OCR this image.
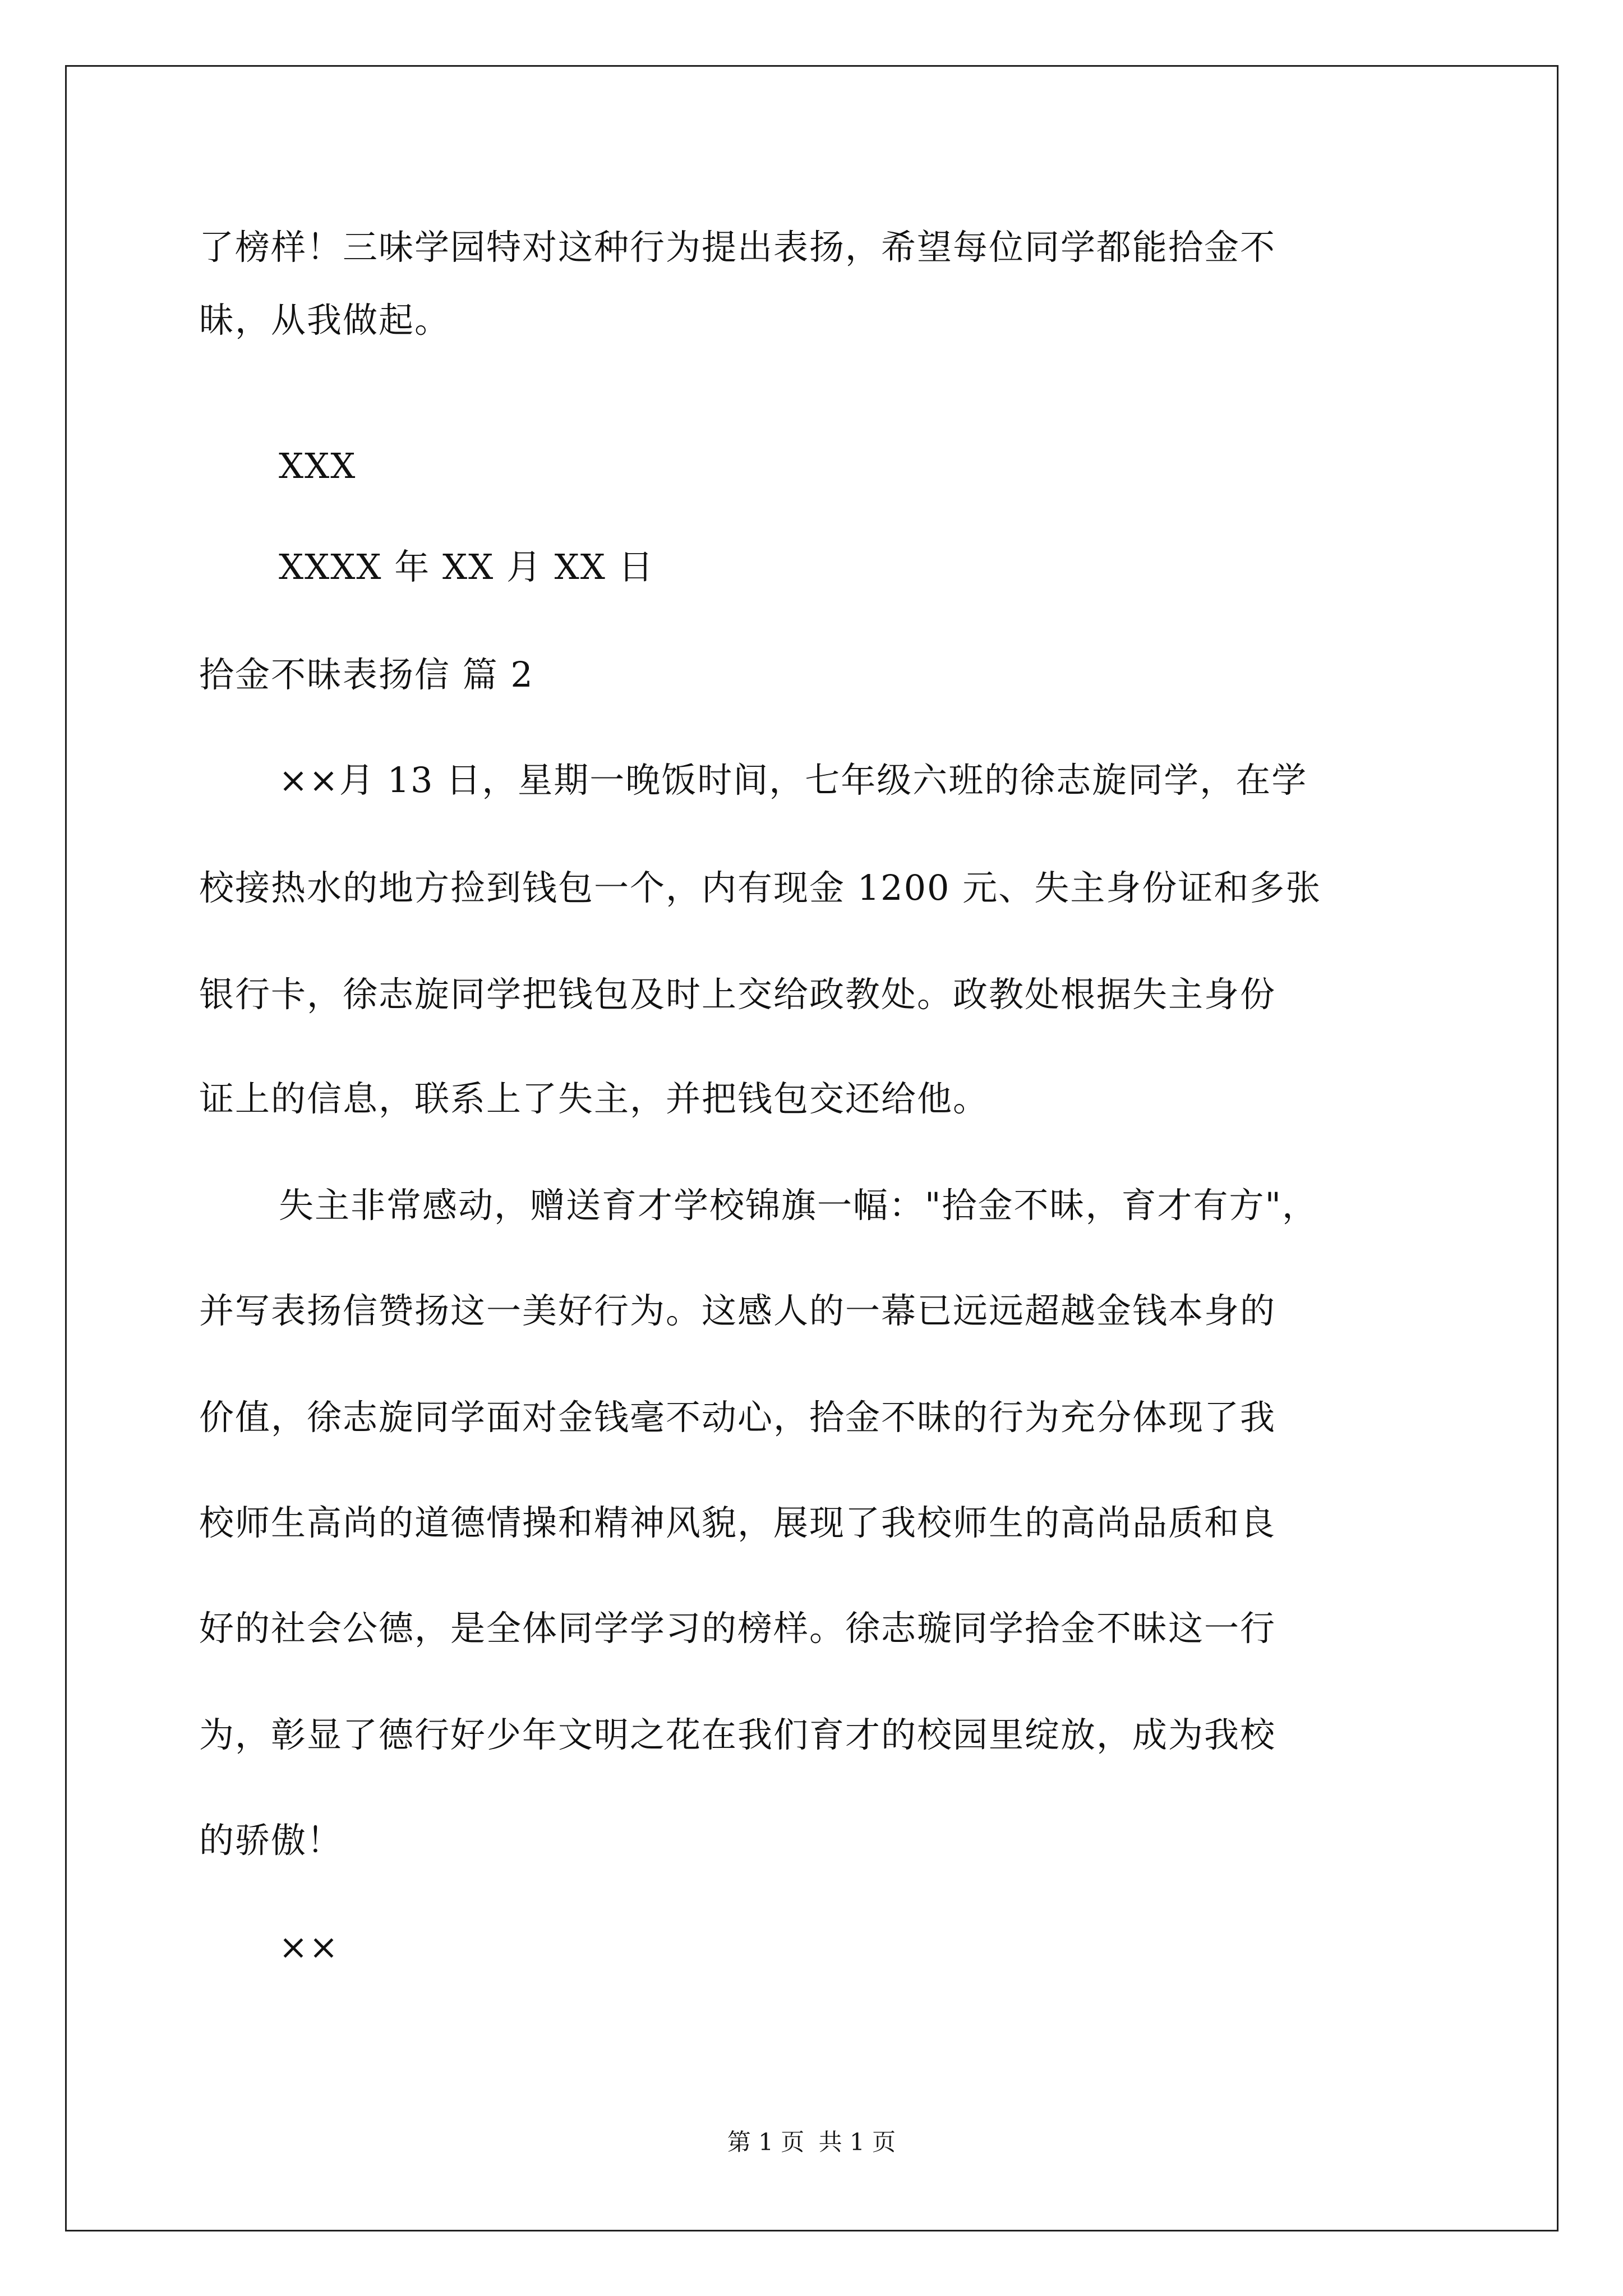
了榜样！三味学园特对这种行为提出表扬，希望每位同学都能拾金不
昧，从我做起。
XXX
XXXX 年 XX 月 XX 日
拾金不昧表扬信 篇 2
××月 13 日，星期一晚饭时间，七年级六班的徐志旋同学，在学
校接热水的地方捡到钱包一个，内有现金 1200 元、失主身份证和多张
银行卡，徐志旋同学把钱包及时上交给政教处。政教处根据失主身份
证上的信息，联系上了失主，并把钱包交还给他。
失主非常感动，赠送育才学校锦旗一幅："拾金不昧，育才有方"，
并写表扬信赞扬这一美好行为。这感人的一幕已远远超越金钱本身的
价值，徐志旋同学面对金钱毫不动心，拾金不昧的行为充分体现了我
校师生高尚的道德情操和精神风貌，展现了我校师生的高尚品质和良
好的社会公德，是全体同学学习的榜样。徐志璇同学拾金不昧这一行
为，彰显了德行好少年文明之花在我们育才的校园里绽放，成为我校
的骄傲！
××
第 1 页 共 1 页
